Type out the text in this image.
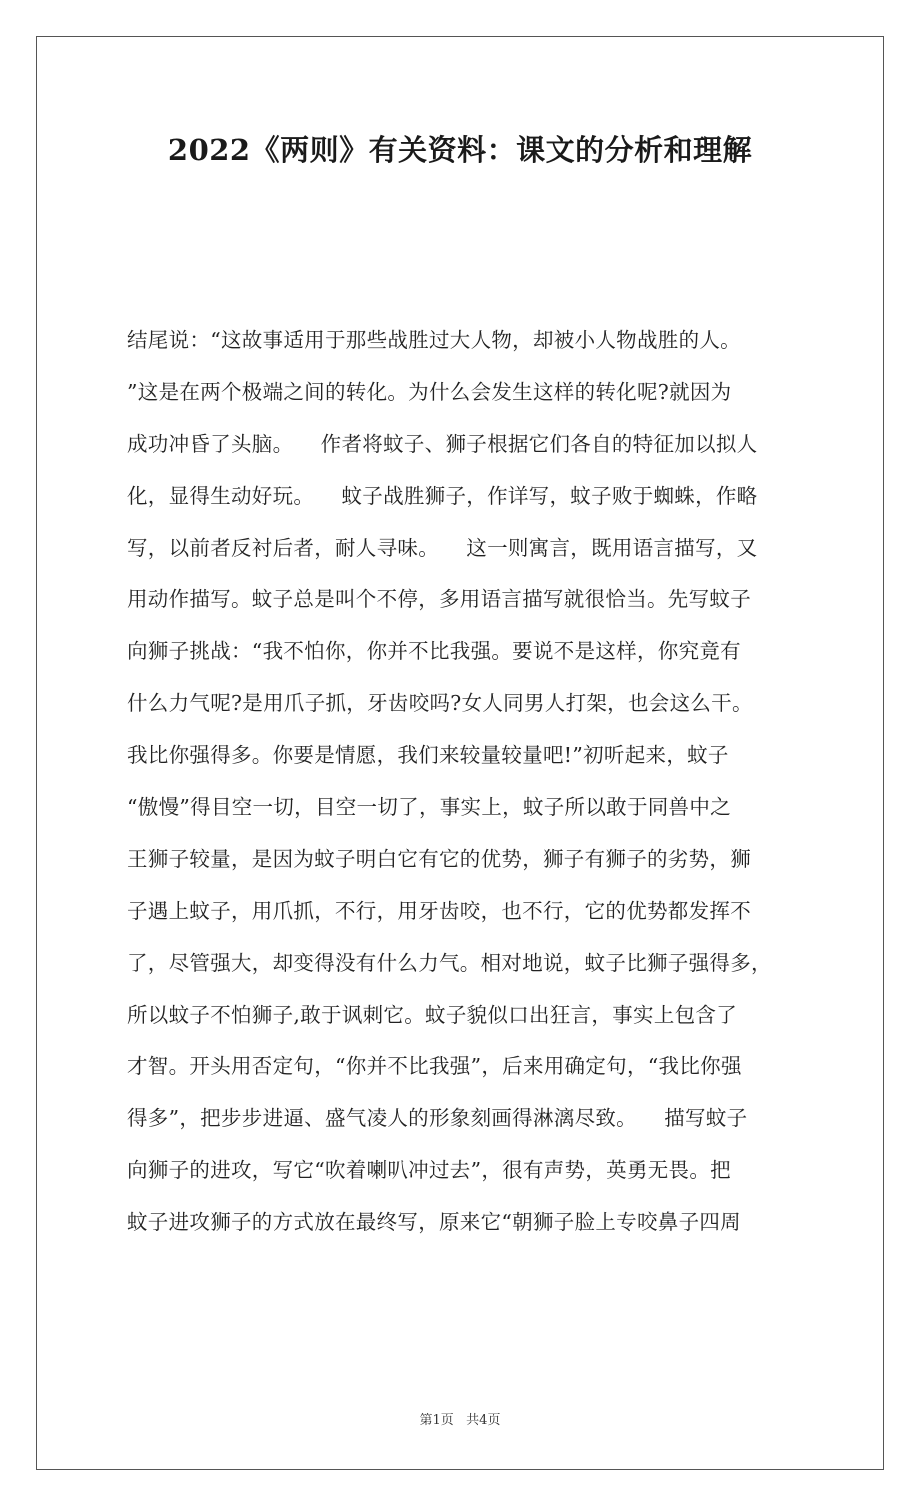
2022《两则》有关资料：课文的分析和理解
结尾说：“这故事适用于那些战胜过大人物，却被小人物战胜的人。
”这是在两个极端之间的转化。为什么会发生这样的转化呢?就因为
成功冲昏了头脑。    作者将蚊子、狮子根据它们各自的特征加以拟人
化，显得生动好玩。    蚊子战胜狮子，作详写，蚊子败于蜘蛛，作略
写，以前者反衬后者，耐人寻味。    这一则寓言，既用语言描写，又
用动作描写。蚊子总是叫个不停，多用语言描写就很恰当。先写蚊子
向狮子挑战：“我不怕你，你并不比我强。要说不是这样，你究竟有
什么力气呢?是用爪子抓，牙齿咬吗?女人同男人打架，也会这么干。
我比你强得多。你要是情愿，我们来较量较量吧!”初听起来，蚊子
“傲慢”得目空一切，目空一切了，事实上，蚊子所以敢于同兽中之
王狮子较量，是因为蚊子明白它有它的优势，狮子有狮子的劣势，狮
子遇上蚊子，用爪抓，不行，用牙齿咬，也不行，它的优势都发挥不
了，尽管强大，却变得没有什么力气。相对地说，蚊子比狮子强得多，
所以蚊子不怕狮子,敢于讽刺它。蚊子貌似口出狂言，事实上包含了
才智。开头用否定句，“你并不比我强”，后来用确定句，“我比你强
得多”，把步步进逼、盛气凌人的形象刻画得淋漓尽致。    描写蚊子
向狮子的进攻，写它“吹着喇叭冲过去”，很有声势，英勇无畏。把
蚊子进攻狮子的方式放在最终写，原来它“朝狮子脸上专咬鼻子四周
第1页   共4页
